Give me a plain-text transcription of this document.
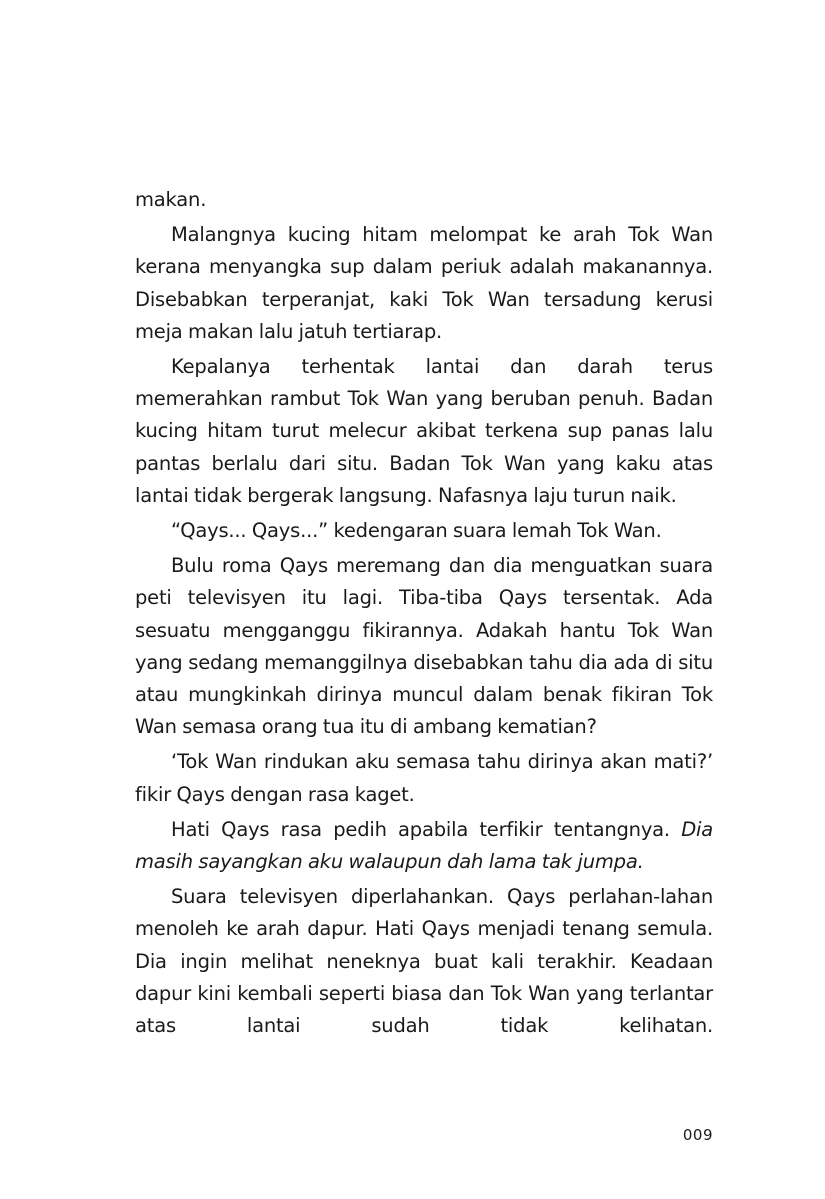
makan.

Malangnya kucing hitam melompat ke arah Tok Wan kerana menyangka sup dalam periuk adalah makanannya. Disebabkan terperanjat, kaki Tok Wan tersadung kerusi meja makan lalu jatuh tertiarap.

Kepalanya terhentak lantai dan darah terus memerahkan rambut Tok Wan yang beruban penuh. Badan kucing hitam turut melecur akibat terkena sup panas lalu pantas berlalu dari situ. Badan Tok Wan yang kaku atas lantai tidak bergerak langsung. Nafasnya laju turun naik.

“Qays... Qays...” kedengaran suara lemah Tok Wan.

Bulu roma Qays meremang dan dia menguatkan suara peti televisyen itu lagi. Tiba-tiba Qays tersentak. Ada sesuatu mengganggu fikirannya. Adakah hantu Tok Wan yang sedang memanggilnya disebabkan tahu dia ada di situ atau mungkinkah dirinya muncul dalam benak fikiran Tok Wan semasa orang tua itu di ambang kematian?

‘Tok Wan rindukan aku semasa tahu dirinya akan mati?’ fikir Qays dengan rasa kaget.

Hati Qays rasa pedih apabila terfikir tentangnya. Dia masih sayangkan aku walaupun dah lama tak jumpa.

Suara televisyen diperlahankan. Qays perlahan-lahan menoleh ke arah dapur. Hati Qays menjadi tenang semula. Dia ingin melihat neneknya buat kali terakhir. Keadaan dapur kini kembali seperti biasa dan Tok Wan yang terlantar atas lantai sudah tidak kelihatan.

009
